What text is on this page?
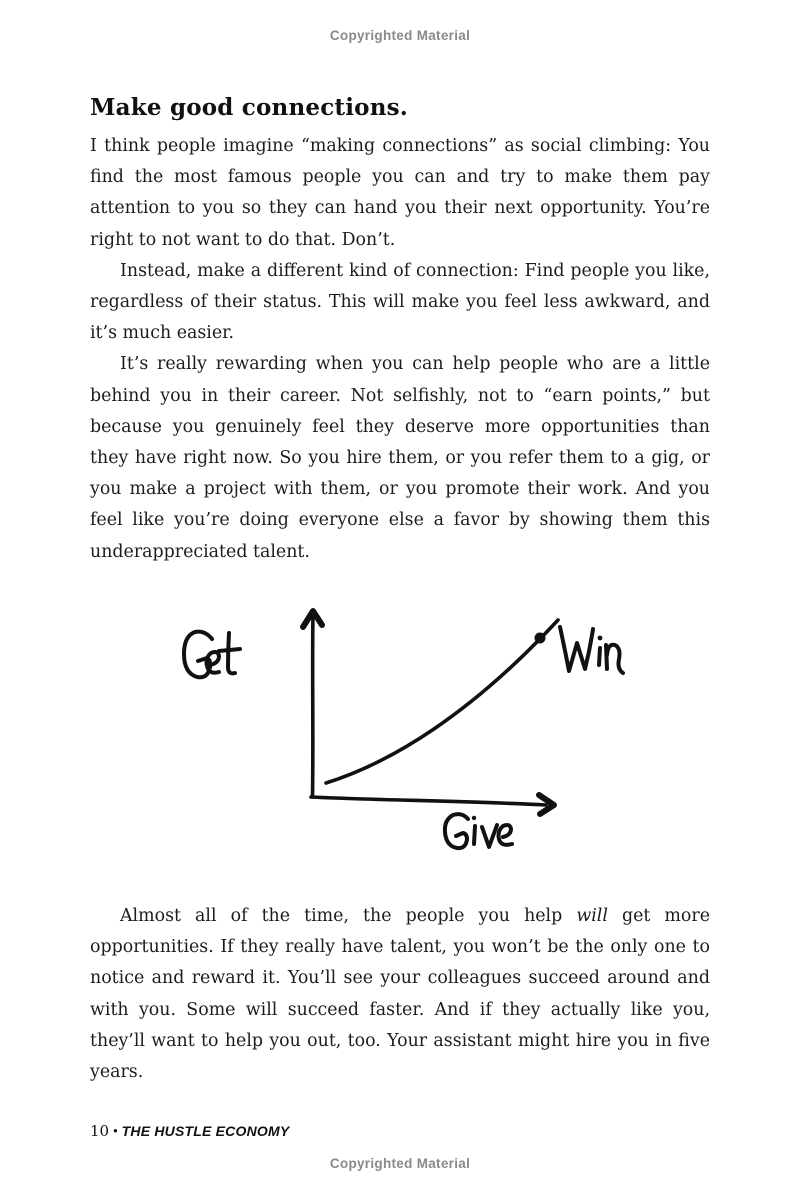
Copyrighted Material
Make good connections.

I think people imagine “making connections” as social climbing: You find the most famous people you can and try to make them pay attention to you so they can hand you their next opportunity. You’re right to not want to do that. Don’t.

Instead, make a different kind of connection: Find people you like, regardless of their status. This will make you feel less awkward, and it’s much easier.

It’s really rewarding when you can help people who are a little behind you in their career. Not selfishly, not to “earn points,” but because you genuinely feel they deserve more opportunities than they have right now. So you hire them, or you refer them to a gig, or you make a project with them, or you promote their work. And you feel like you’re doing everyone else a favor by showing them this underappreciated talent.

Almost all of the time, the people you help will get more opportunities. If they really have talent, you won’t be the only one to notice and reward it. You’ll see your colleagues succeed around and with you. Some will succeed faster. And if they actually like you, they’ll want to help you out, too. Your assistant might hire you in five years.

10 • THE HUSTLE ECONOMY
Copyrighted Material
